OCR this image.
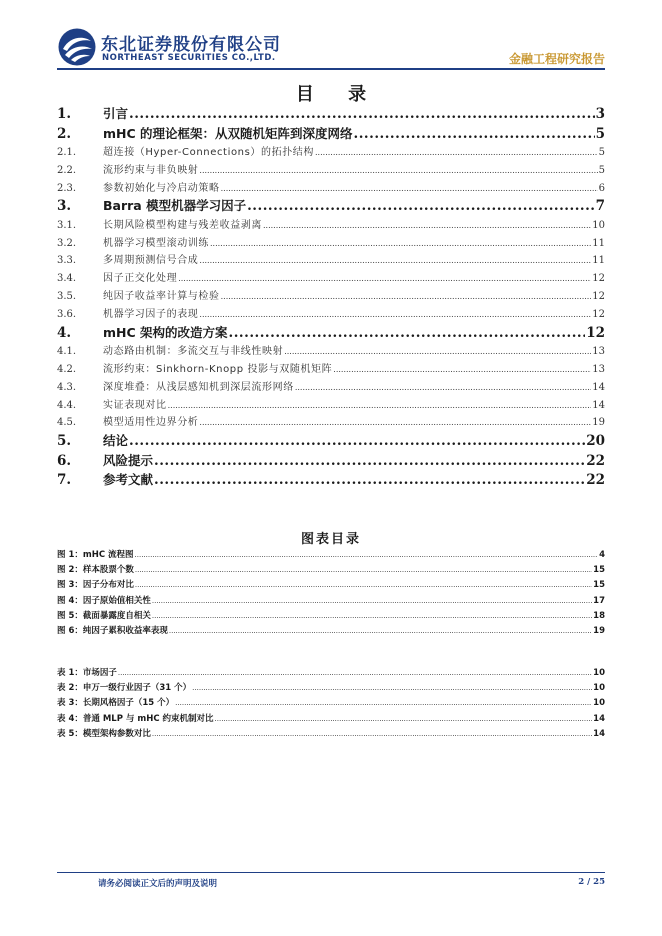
东北证券股份有限公司
NORTHEAST SECURITIES CO.,LTD.	金融工程研究报告
目 录
1.	引言 .....	3
2.	mHC 的理论框架：从双随机矩阵到深度网络 .....	5
2.1.	超连接（Hyper-Connections）的拓扑结构 .....	5
2.2.	流形约束与非负映射 .....	5
2.3.	参数初始化与冷启动策略 .....	6
3.	Barra 模型机器学习因子 .....	7
3.1.	长期风险模型构建与残差收益剥离 .....	10
3.2.	机器学习模型滚动训练 .....	11
3.3.	多周期预测信号合成 .....	11
3.4.	因子正交化处理 .....	12
3.5.	纯因子收益率计算与检验 .....	12
3.6.	机器学习因子的表现 .....	12
4.	mHC 架构的改造方案 .....	12
4.1.	动态路由机制：多流交互与非线性映射 .....	13
4.2.	流形约束：Sinkhorn-Knopp 投影与双随机矩阵 .....	13
4.3.	深度堆叠：从浅层感知机到深层流形网络 .....	14
4.4.	实证表现对比 .....	14
4.5.	模型适用性边界分析 .....	19
5.	结论 .....	20
6.	风险提示 .....	22
7.	参考文献 .....	22
图表目录
图 1：mHC 流程图 .....	4
图 2：样本股票个数 .....	15
图 3：因子分布对比 .....	15
图 4：因子原始值相关性 .....	17
图 5：截面暴露度自相关 .....	18
图 6：纯因子累积收益率表现 .....	19
表 1：市场因子 .....	10
表 2：申万一级行业因子（31 个） .....	10
表 3：长期风格因子（15 个） .....	10
表 4：普通 MLP 与 mHC 约束机制对比 .....	14
表 5：模型架构参数对比 .....	14
请务必阅读正文后的声明及说明	2 / 25
